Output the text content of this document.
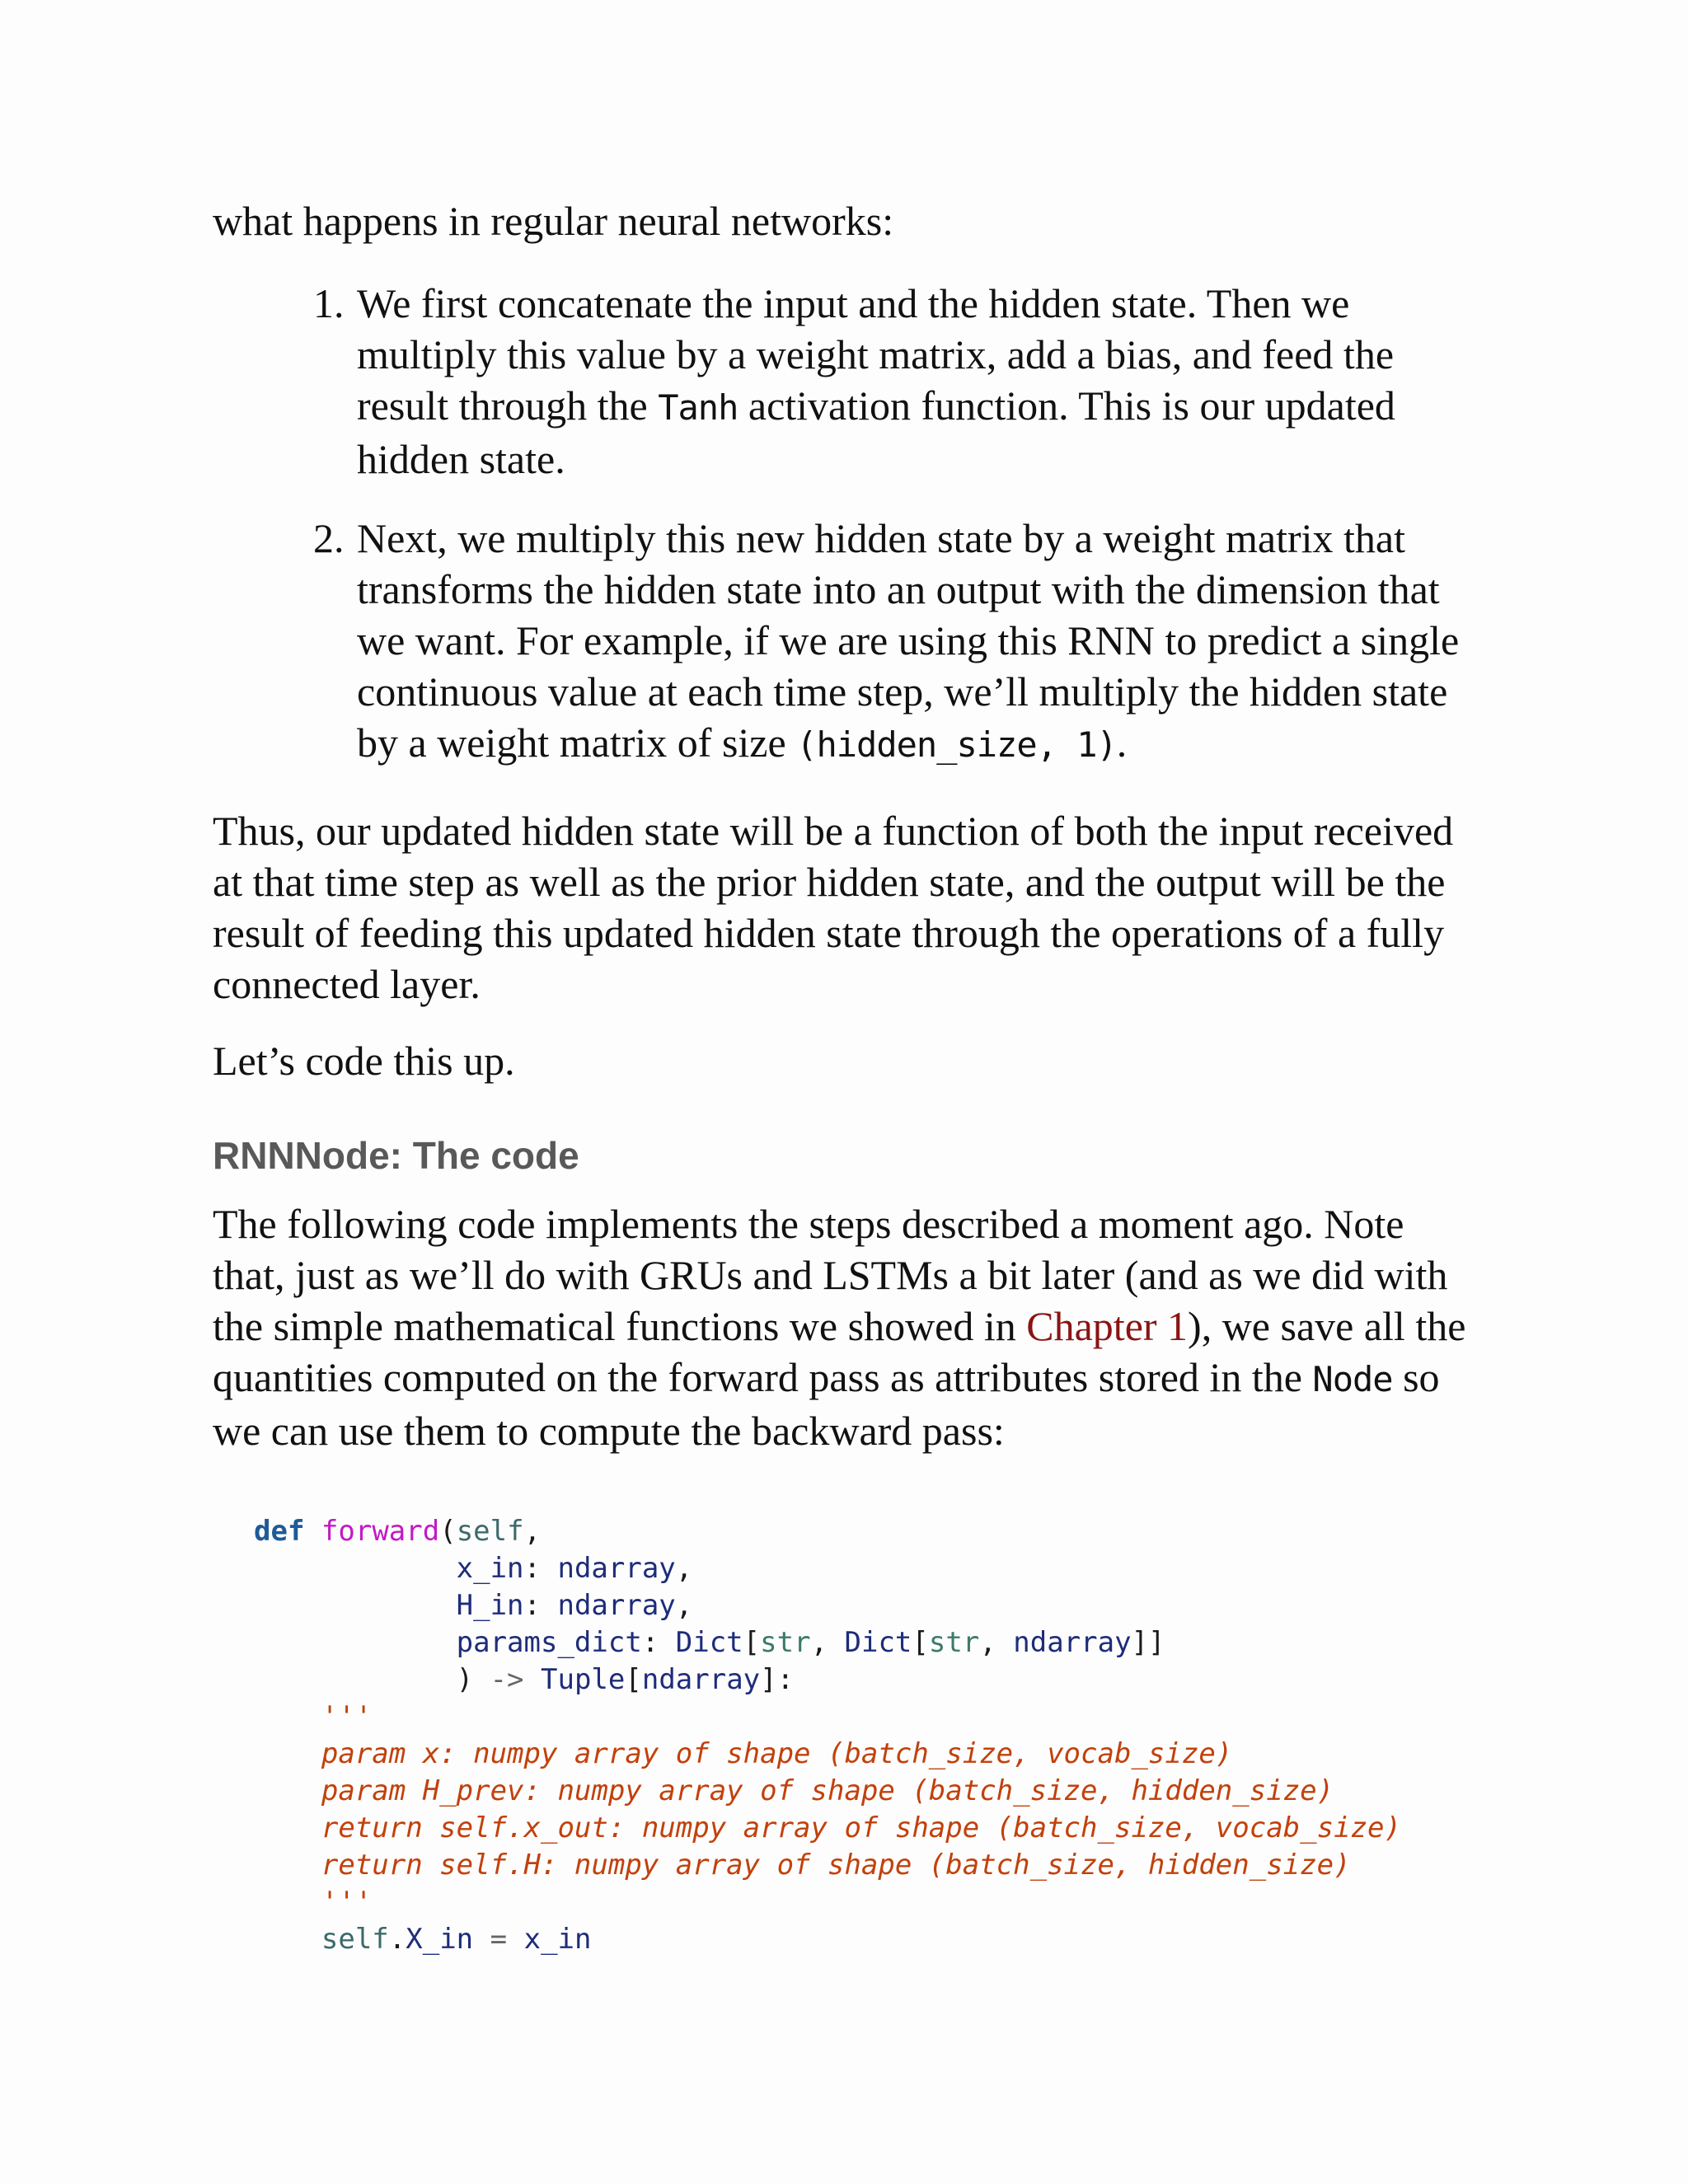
what happens in regular neural networks:

1. We first concatenate the input and the hidden state. Then we
multiply this value by a weight matrix, add a bias, and feed the
result through the Tanh activation function. This is our updated
hidden state.
2. Next, we multiply this new hidden state by a weight matrix that
transforms the hidden state into an output with the dimension that
we want. For example, if we are using this RNN to predict a single
continuous value at each time step, we’ll multiply the hidden state
by a weight matrix of size (hidden_size, 1).
Thus, our updated hidden state will be a function of both the input received
at that time step as well as the prior hidden state, and the output will be the
result of feeding this updated hidden state through the operations of a fully
connected layer.

Let’s code this up.

RNNNode: The code
The following code implements the steps described a moment ago. Note
that, just as we’ll do with GRUs and LSTMs a bit later (and as we did with
the simple mathematical functions we showed in Chapter 1), we save all the
quantities computed on the forward pass as attributes stored in the Node so
we can use them to compute the backward pass:
def forward(self,
x_in: ndarray,
H_in: ndarray,
params_dict: Dict[str, Dict[str, ndarray]]
) -> Tuple[ndarray]:
'''
param x: numpy array of shape (batch_size, vocab_size)
param H_prev: numpy array of shape (batch_size, hidden_size)
return self.x_out: numpy array of shape (batch_size, vocab_size)
return self.H: numpy array of shape (batch_size, hidden_size)
'''
self.X_in = x_in
